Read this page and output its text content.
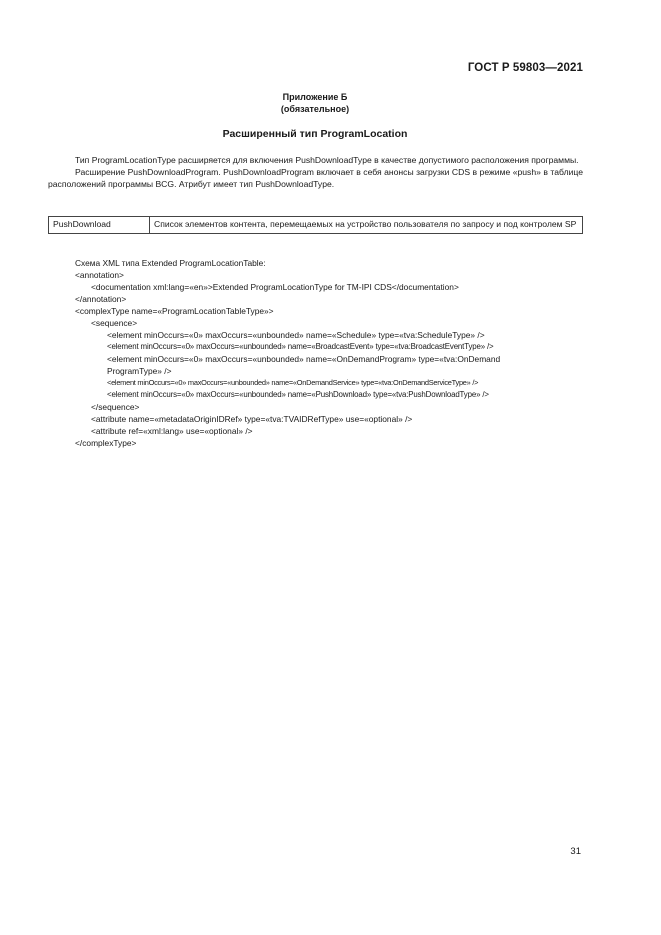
ГОСТ Р 59803—2021
Приложение Б
(обязательное)
Расширенный тип ProgramLocation

Тип ProgramLocationType расширяется для включения PushDownloadType в качестве допустимого расположения программы.

Расширение PushDownloadProgram. PushDownloadProgram включает в себя анонсы загрузки CDS в режиме «push» в таблице расположений программы BCG. Атрибут имеет тип PushDownloadType.

PushDownload	Список элементов контента, перемещаемых на устройство пользователя по запросу и под контролем SP
Схема XML типа Extended ProgramLocationTable:
<annotation>
<documentation xml:lang=«en»>Extended ProgramLocationType for TM-IPI CDS</documentation>
</annotation>
<complexType name=«ProgramLocationTableType»>
<sequence>
<element minOccurs=«0» maxOccurs=«unbounded» name=«Schedule» type=«tva:ScheduleType» />
<element minOccurs=«0» maxOccurs=«unbounded» name=«BroadcastEvent» type=«tva:BroadcastEventType» />
<element minOccurs=«0» maxOccurs=«unbounded» name=«OnDemandProgram» type=«tva:OnDemand
ProgramType» />
<element minOccurs=«0» maxOccurs=«unbounded» name=«OnDemandService» type=«tva:OnDemandServiceType» />
<element minOccurs=«0» maxOccurs=«unbounded» name=«PushDownload» type=«tva:PushDownloadType» />
</sequence>
<attribute name=«metadataOriginIDRef» type=«tva:TVAIDRefType» use=«optional» />
<attribute ref=«xml:lang» use=«optional» />
</complexType>
31
